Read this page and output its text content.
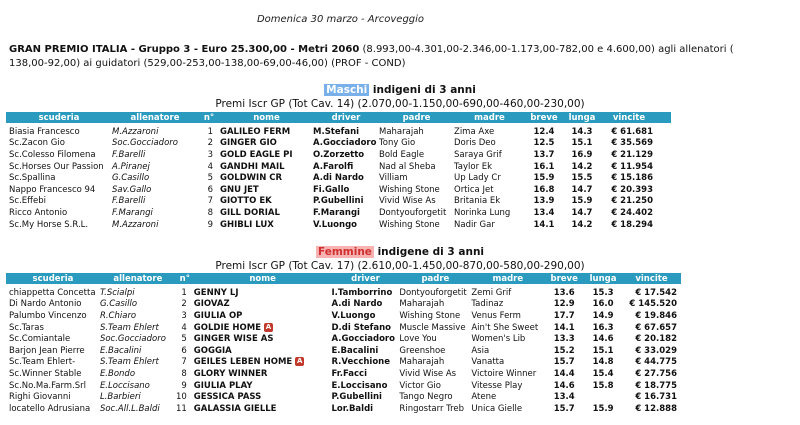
Domenica 30 marzo - Arcoveggio
GRAN PREMIO ITALIA - Gruppo 3 - Euro 25.300,00 - Metri 2060 (8.993,00-4.301,00-2.346,00-1.173,00-782,00 e 4.600,00) agli allenatori (
138,00-92,00) ai guidatori (529,00-253,00-138,00-69,00-46,00) (PROF - COND)
Maschi indigeni di 3 anni
Premi Iscr GP (Tot Cav. 14) (2.070,00-1.150,00-690,00-460,00-230,00)
scuderia	allenatore	n°	nome	driver	padre	madre	breve	lunga	vincite	
Biasia Francesco	M.Azzaroni	1	GALILEO FERM	M.Stefani	Maharajah	Zima Axe	12.4	14.3	€ 61.681	
Sc.Zacon Gio	Soc.Gocciadoro	2	GINGER GIO	A.Gocciadoro	Tony Gio	Doris Deo	12.5	15.1	€ 35.569	
Sc.Colesso Filomena	F.Barelli	3	GOLD EAGLE PI	O.Zorzetto	Bold Eagle	Saraya Grif	13.7	16.9	€ 21.129	
Sc.Horses Our Passion	A.Piranej	4	GANDHI MAIL	A.Farolfi	Nad al Sheba	Taylor Ek	16.1	14.2	€ 11.954	
Sc.Spallina	G.Casillo	5	GOLDWIN CR	A.di Nardo	Villiam	Up Lady Cr	15.9	15.5	€ 15.186	
Nappo Francesco 94	Sav.Gallo	6	GNU JET	Fi.Gallo	Wishing Stone	Ortica Jet	16.8	14.7	€ 20.393	
Sc.Effebi	F.Barelli	7	GIOTTO EK	P.Gubellini	Vivid Wise As	Britania Ek	13.9	15.9	€ 21.250	
Ricco Antonio	F.Marangi	8	GILL DORIAL	F.Marangi	Dontyouforgetit	Norinka Lung	13.4	14.7	€ 24.402	
Sc.My Horse S.R.L.	M.Azzaroni	9	GHIBLI LUX	V.Luongo	Wishing Stone	Nadir Gar	14.1	14.2	€ 18.294	
Femmine indigene di 3 anni
Premi Iscr GP (Tot Cav. 17) (2.610,00-1.450,00-870,00-580,00-290,00)
scuderia	allenatore	n°	nome	driver	padre	madre	breve	lunga	vincite
chiappetta Concetta	T.Scialpi	1	GENNY LJ	I.Tamborrino	Dontyouforgetit	Zemi Grif	13.6	15.3	€ 17.542
Di Nardo Antonio	G.Casillo	2	GIOVAZ	A.di Nardo	Maharajah	Tadinaz	12.9	16.0	€ 145.520
Palumbo Vincenzo	R.Chiaro	3	GIULIA OP	V.Luongo	Wishing Stone	Venus Ferm	17.7	14.9	€ 19.846
Sc.Taras	S.Team Ehlert	4	GOLDIE HOME A	D.di Stefano	Muscle Massive	Ain't She Sweet	14.1	16.3	€ 67.657
Sc.Comiantale	Soc.Gocciadoro	5	GINGER WISE AS	A.Gocciadoro	Love You	Women's Lib	13.3	14.6	€ 20.182
Barjon Jean Pierre	E.Bacalini	6	GOGGIA	E.Bacalini	Greenshoe	Asia	15.2	15.1	€ 33.029
Sc.Team Ehlert-	S.Team Ehlert	7	GEILES LEBEN HOME A	R.Vecchione	Maharajah	Vanatta	15.7	14.8	€ 44.775
Sc.Winner Stable	E.Bondo	8	GLORY WINNER	Fr.Facci	Vivid Wise As	Victoire Winner	14.4	15.4	€ 27.756
Sc.No.Ma.Farm.Srl	E.Loccisano	9	GIULIA PLAY	E.Loccisano	Victor Gio	Vitesse Play	14.6	15.8	€ 18.775
Righi Giovanni	L.Barbieri	10	GESSICA PASS	P.Gubellini	Tango Negro	Atene	13.4		€ 16.731
locatello Adrusiana	Soc.All.L.Baldi	11	GALASSIA GIELLE	Lor.Baldi	Ringostarr Treb	Unica Gielle	15.7	15.9	€ 12.888
